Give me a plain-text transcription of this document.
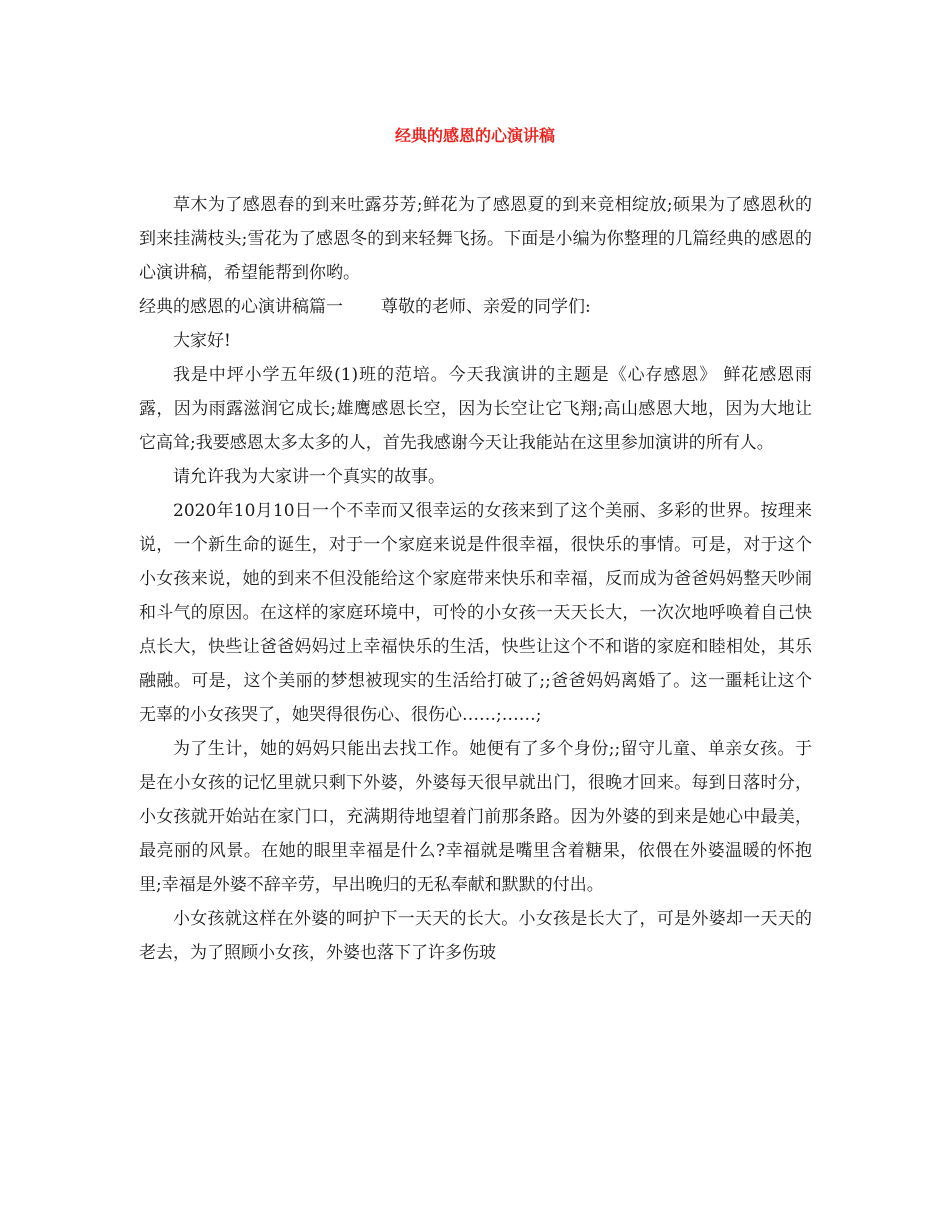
经典的感恩的心演讲稿

草木为了感恩春的到来吐露芬芳;鲜花为了感恩夏的到来竞相绽放;硕果为了感恩秋的到来挂满枝头;雪花为了感恩冬的到来轻舞飞扬。下面是小编为你整理的几篇经典的感恩的心演讲稿，希望能帮到你哟。

经典的感恩的心演讲稿篇一 尊敬的老师、亲爱的同学们:

大家好!

我是中坪小学五年级(1)班的范培。今天我演讲的主题是《心存感恩》 鲜花感恩雨露，因为雨露滋润它成长;雄鹰感恩长空，因为长空让它飞翔;高山感恩大地，因为大地让它高耸;我要感恩太多太多的人，首先我感谢今天让我能站在这里参加演讲的所有人。

请允许我为大家讲一个真实的故事。

2020年10月10日一个不幸而又很幸运的女孩来到了这个美丽、多彩的世界。按理来说，一个新生命的诞生，对于一个家庭来说是件很幸福，很快乐的事情。可是，对于这个小女孩来说，她的到来不但没能给这个家庭带来快乐和幸福，反而成为爸爸妈妈整天吵闹和斗气的原因。在这样的家庭环境中，可怜的小女孩一天天长大，一次次地呼唤着自己快点长大，快些让爸爸妈妈过上幸福快乐的生活，快些让这个不和谐的家庭和睦相处，其乐融融。可是，这个美丽的梦想被现实的生活给打破了;;爸爸妈妈离婚了。这一噩耗让这个无辜的小女孩哭了，她哭得很伤心、很伤心……;……;

为了生计，她的妈妈只能出去找工作。她便有了多个身份;;留守儿童、单亲女孩。于是在小女孩的记忆里就只剩下外婆，外婆每天很早就出门，很晚才回来。每到日落时分，小女孩就开始站在家门口，充满期待地望着门前那条路。因为外婆的到来是她心中最美，最亮丽的风景。在她的眼里幸福是什么?幸福就是嘴里含着糖果，依偎在外婆温暖的怀抱里;幸福是外婆不辞辛劳，早出晚归的无私奉献和默默的付出。

小女孩就这样在外婆的呵护下一天天的长大。小女孩是长大了，可是外婆却一天天的老去，为了照顾小女孩，外婆也落下了许多伤玻
